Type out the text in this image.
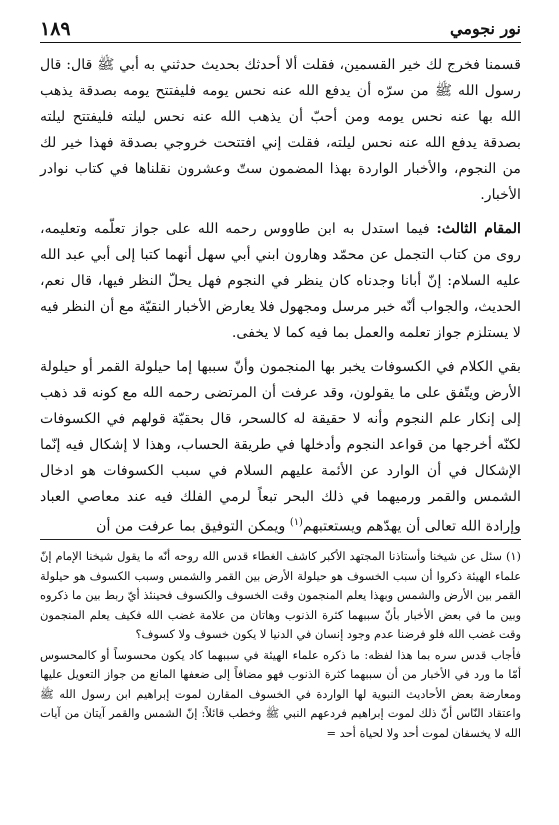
نور نجومي
١٨٩

قسمنا فخرج لك خير القسمين، فقلت ألا أحدثك بحديث حدثني به أبي ﷺ قال: قال رسول الله ﷺ من سرّه أن يدفع الله عنه نحس يومه فليفتتح يومه بصدقة يذهب الله بها عنه نحس يومه ومن أحبّ أن يذهب الله عنه نحس ليلته فليفتتح ليلته بصدقة يدفع الله عنه نحس ليلته، فقلت إني افتتحت خروجي بصدقة فهذا خير لك من النجوم، والأخبار الواردة بهذا المضمون ستّ وعشرون نقلناها في كتاب نوادر الأخبار.

المقام الثالث: فيما استدل به ابن طاووس رحمه الله على جواز تعلّمه وتعليمه، روى من كتاب التجمل عن محمّد وهارون ابني أبي سهل أنهما كتبا إلى أبي عبد الله عليه السلام: إنّ أبانا وجدناه كان ينظر في النجوم فهل يحلّ النظر فيها، قال نعم، الحديث، والجواب أنّه خبر مرسل ومجهول فلا يعارض الأخبار النقيّة مع أن النظر فيه لا يستلزم جواز تعلمه والعمل بما فيه كما لا يخفى.

بقي الكلام في الكسوفات يخبر بها المنجمون وأنّ سببها إما حيلولة القمر أو حيلولة الأرض ويتّفق على ما يقولون، وقد عرفت أن المرتضى رحمه الله مع كونه قد ذهب إلى إنكار علم النجوم وأنه لا حقيقة له كالسحر، قال بحقيّة قولهم في الكسوفات لكنّه أخرجها من قواعد النجوم وأدخلها في طريقة الحساب، وهذا لا إشكال فيه إنّما الإشكال في أن الوارد عن الأئمة عليهم السلام في سبب الكسوفات هو ادخال الشمس والقمر ورميهما في ذلك البحر تبعاً لرمي الفلك فيه عند معاصي العباد وإرادة الله تعالى أن يهدّهم ويستعتبهم$^{(١)}$ ويمكن التوفيق بما عرفت من أن

(١) سئل عن شيخنا وأستاذنا المجتهد الأكبر كاشف الغطاء قدس الله روحه أنّه ما يقول شيخنا الإمام إنّ علماء الهيئة ذكروا أن سبب الخسوف هو حيلولة الأرض بين القمر والشمس وسبب الكسوف هو حيلولة القمر بين الأرض والشمس وبهذا يعلم المنجمون وقت الخسوف والكسوف فحينئذ أيّ ربط بين ما ذكروه وبين ما في بعض الأخبار بأنّ سببهما كثرة الذنوب وهاتان من علامة غضب الله فكيف يعلم المنجمون وقت غضب الله فلو فرضنا عدم وجود إنسان في الدنيا لا يكون خسوف ولا كسوف؟

فأجاب قدس سره بما هذا لفظه: ما ذكره علماء الهيئة في سببهما كاد يكون محسوساً أو كالمحسوس أمّا ما ورد في الأخبار من أن سببهما كثرة الذنوب فهو مضافاً إلى ضعفها المانع من جواز التعويل عليها ومعارضة بعض الأحاديث النبوية لها الواردة في الخسوف المقارن لموت إبراهيم ابن رسول الله ﷺ واعتقاد النّاس أنّ ذلك لموت إبراهيم فردعهم النبي ﷺ وخطب قائلاً: إنّ الشمس والقمر آيتان من آيات الله لا يخسفان لموت أحد ولا لحياة أحد =
